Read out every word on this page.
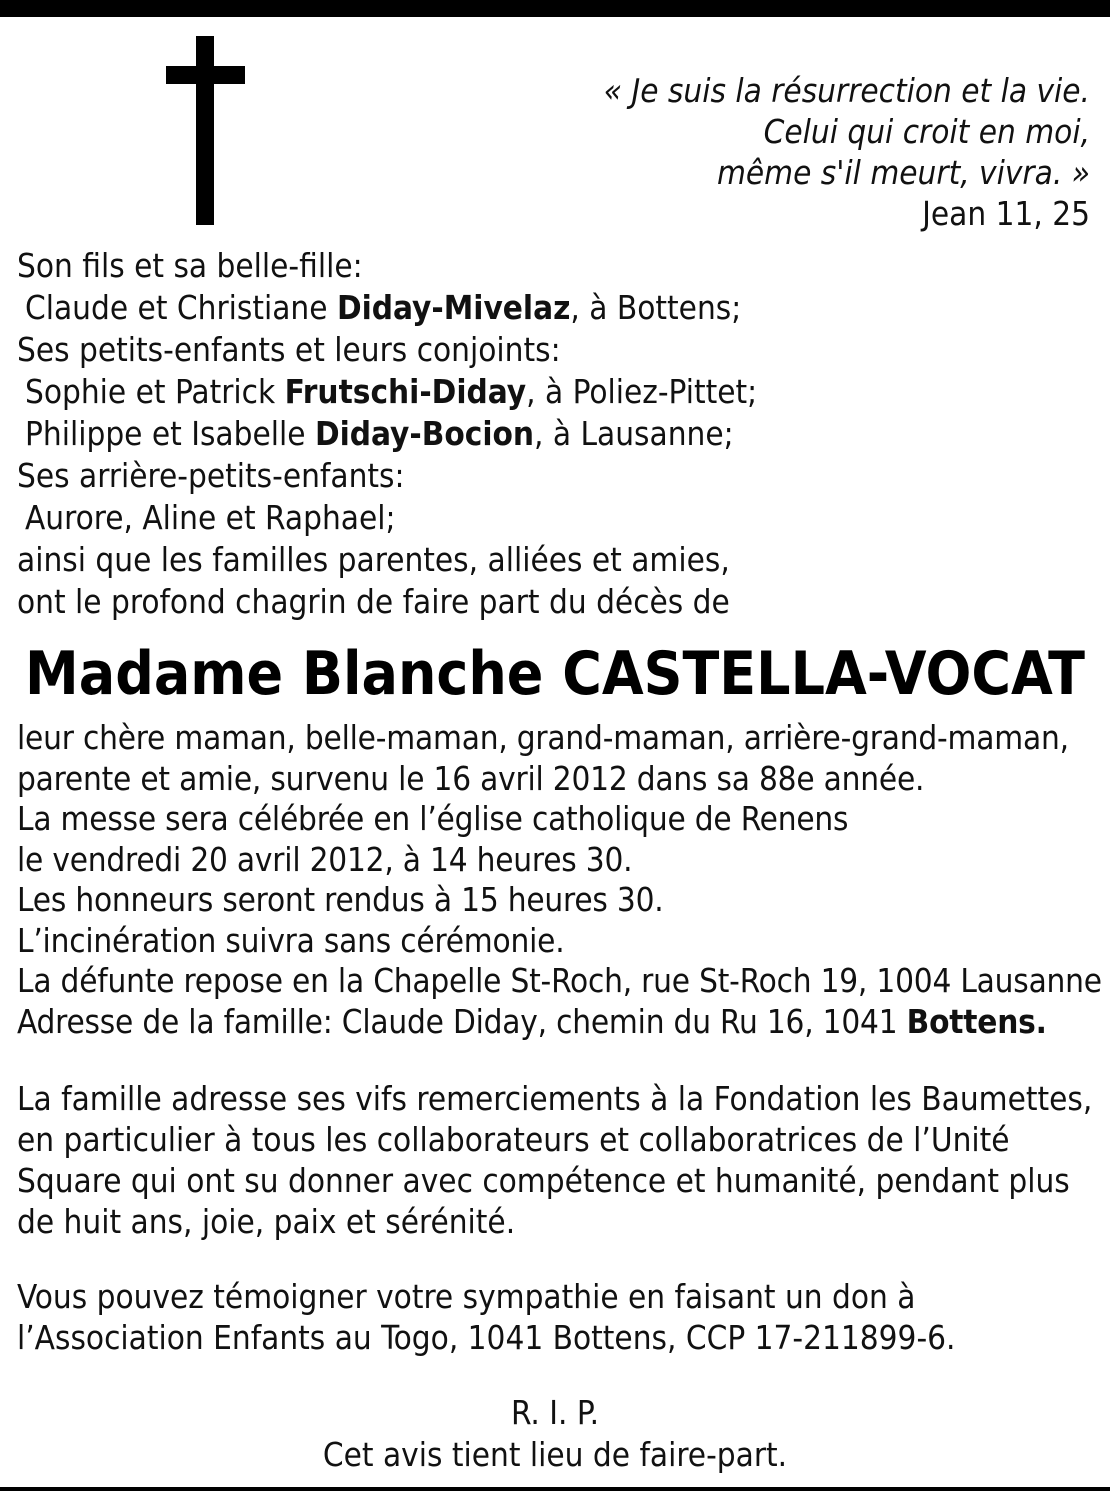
« Je suis la résurrection et la vie.
Celui qui croit en moi,
même s'il meurt, vivra. »
Jean 11, 25
Son fils et sa belle-fille:
Claude et Christiane Diday-Mivelaz, à Bottens;
Ses petits-enfants et leurs conjoints:
Sophie et Patrick Frutschi-Diday, à Poliez-Pittet;
Philippe et Isabelle Diday-Bocion, à Lausanne;
Ses arrière-petits-enfants:
Aurore, Aline et Raphael;
ainsi que les familles parentes, alliées et amies,
ont le profond chagrin de faire part du décès de
Madame Blanche CASTELLA-VOCAT
leur chère maman, belle-maman, grand-maman, arrière-grand-maman,
parente et amie, survenu le 16 avril 2012 dans sa 88e année.
La messe sera célébrée en l’église catholique de Renens
le vendredi 20 avril 2012, à 14 heures 30.
Les honneurs seront rendus à 15 heures 30.
L’incinération suivra sans cérémonie.
La défunte repose en la Chapelle St-Roch, rue St-Roch 19, 1004 Lausanne
Adresse de la famille: Claude Diday, chemin du Ru 16, 1041 Bottens.
La famille adresse ses vifs remerciements à la Fondation les Baumettes,
en particulier à tous les collaborateurs et collaboratrices de l’Unité
Square qui ont su donner avec compétence et humanité, pendant plus
de huit ans, joie, paix et sérénité.
Vous pouvez témoigner votre sympathie en faisant un don à
l’Association Enfants au Togo, 1041 Bottens, CCP 17-211899-6.
R. I. P.
Cet avis tient lieu de faire-part.
